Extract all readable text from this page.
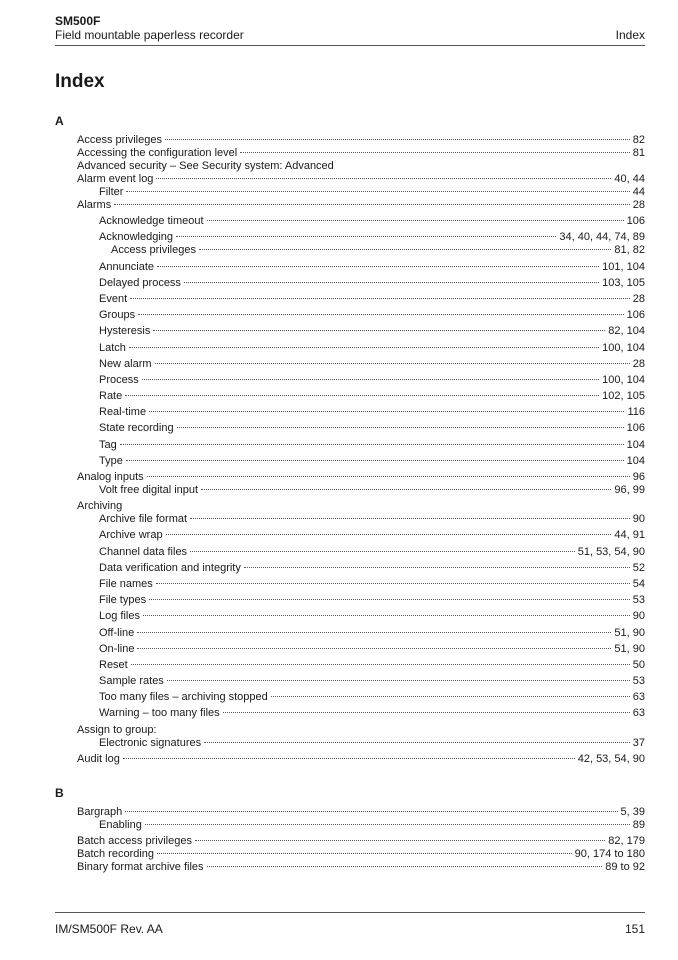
SM500F
Field mountable paperless recorder	Index
Index
A
Access privileges	82
Accessing the configuration level	81
Advanced security – See Security system: Advanced
Alarm event log	40, 44
Filter	44
Alarms	28
Acknowledge timeout	106
Acknowledging	34, 40, 44, 74, 89
Access privileges	81, 82
Annunciate	101, 104
Delayed process	103, 105
Event	28
Groups	106
Hysteresis	82, 104
Latch	100, 104
New alarm	28
Process	100, 104
Rate	102, 105
Real-time	116
State recording	106
Tag	104
Type	104
Analog inputs	96
Volt free digital input	96, 99
Archiving
Archive file format	90
Archive wrap	44, 91
Channel data files	51, 53, 54, 90
Data verification and integrity	52
File names	54
File types	53
Log files	90
Off-line	51, 90
On-line	51, 90
Reset	50
Sample rates	53
Too many files – archiving stopped	63
Warning – too many files	63
Assign to group:
Electronic signatures	37
Audit log	42, 53, 54, 90
B
Bargraph	5, 39
Enabling	89
Batch access privileges	82, 179
Batch recording	90, 174 to 180
Binary format archive files	89 to 92
IM/SM500F Rev. AA	151
